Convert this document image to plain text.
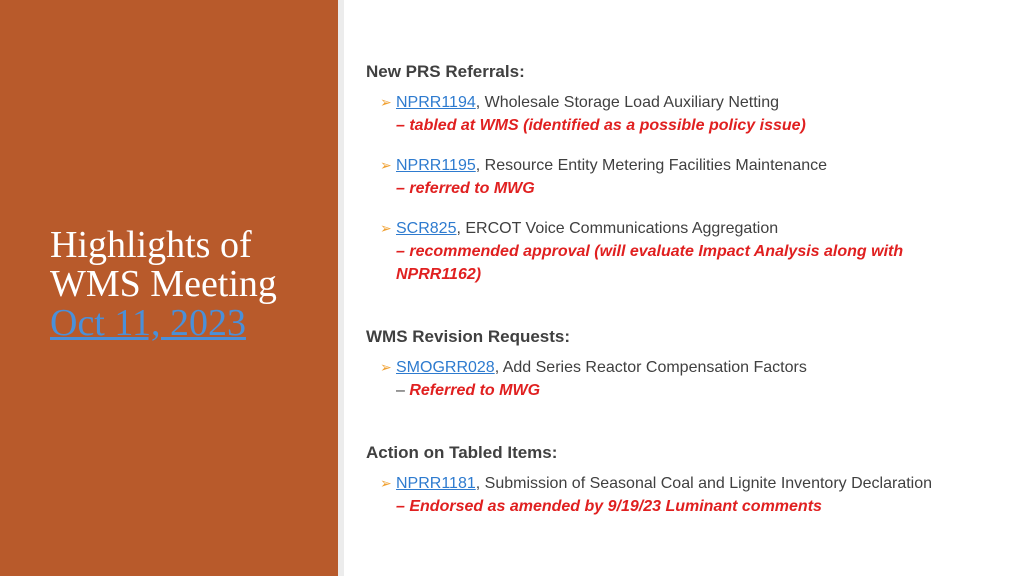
Highlights of
WMS Meeting
Oct 11, 2023
New PRS Referrals:
➢ NPRR1194, Wholesale Storage Load Auxiliary Netting
– tabled at WMS (identified as a possible policy issue)
➢ NPRR1195, Resource Entity Metering Facilities Maintenance
– referred to MWG
➢ SCR825, ERCOT Voice Communications Aggregation
– recommended approval (will evaluate Impact Analysis along with
NPRR1162)
WMS Revision Requests:
➢ SMOGRR028, Add Series Reactor Compensation Factors
– Referred to MWG
Action on Tabled Items:
➢ NPRR1181, Submission of Seasonal Coal and Lignite Inventory Declaration
– Endorsed as amended by 9/19/23 Luminant comments
